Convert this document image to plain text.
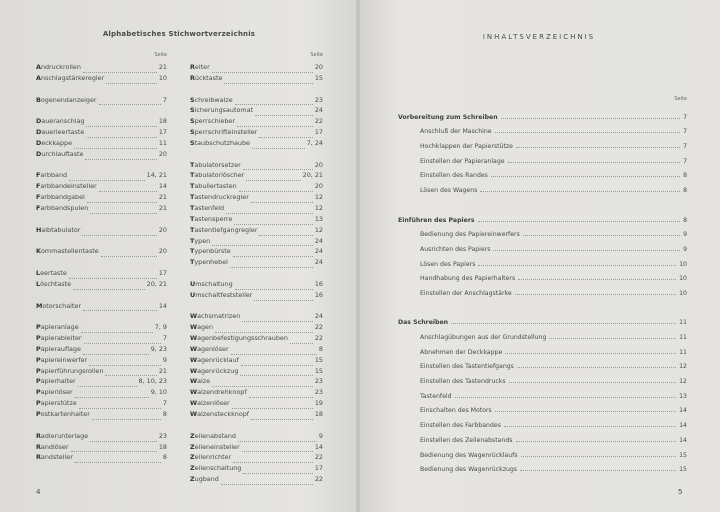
Alphabetisches Stichwortverzeichnis
Seite
Andruckrollen	21
Anschlagstärkeregler	10
Bogenendanzeiger	7
Daueranschlag	18
Dauerleertaste	17
Deckkappe	11
Durchlauftaste	20
Farbband	14, 21
Farbbandeinsteller	14
Farbbandgabel	21
Farbbandspulen	21
Halbtabulator	20
Kommastellentaste	20
Leertaste	17
Löschtaste	20, 21
Motorschalter	14
Papieranlage	7, 9
Papierableiter	7
Papierauflage	9, 23
Papiereinwerfer	9
Papierführungsrollen	21
Papierhalter	8, 10, 23
Papierlöser	9, 10
Papierstütze	7
Postkartenhalter	8
Radierunterlage	23
Randlöser	18
Randsteller	8
Seite
Reiter	20
Rücktaste	15
Schreibwalze	23
Sicherungsautomat	24
Sperrschieber	22
Sperrschrifteinsteller	17
Staubschutzhaube	7, 24
Tabulatorsetzer	20
Tabulatorlöscher	20, 21
Tabuliertasten	20
Tastendruckregler	12
Tastenfeld	12
Tastensperre	13
Tastentiefgangregler	12
Typen	24
Typenbürste	24
Typenhebel	24
Umschaltung	16
Umschaltfeststeller	16
Wachsmatrizen	24
Wagen	22
Wagenbefestigungsschrauben	22
Wagenlöser	8
Wagenrücklauf	15
Wagenrückzug	15
Walze	23
Walzendrehknopf	23
Walzenlöser	19
Walzensteckknopf	18
Zeilenabstand	9
Zeileneinsteller	14
Zeilenrichter	22
Zeilenschaltung	17
Zugband	22
4
INHALTSVERZEICHNIS
5
Seite
Vorbereitung zum Schreiben	7
Anschluß der Maschine	7
Hochklappen der Papierstütze	7
Einstellen der Papieranlage	7
Einstellen des Randes	8
Lösen des Wagens	8
Einführen des Papiers	8
Bedienung des Papiereinwerfers	9
Ausrichten des Papiers	9
Lösen des Papiers	10
Handhabung des Papierhalters	10
Einstellen der Anschlagstärke	10
Das Schreiben	11
Anschlagübungen aus der Grundstellung	11
Abnehmen der Deckkappe	11
Einstellen des Tastentiefgangs	12
Einstellen des Tastendrucks	12
Tastenfeld	13
Einschalten des Motors	14
Einstellen des Farbbandes	14
Einstellen des Zeilenabstands	14
Bedienung des Wagenrücklaufs	15
Bedienung des Wagenrückzugs	15
